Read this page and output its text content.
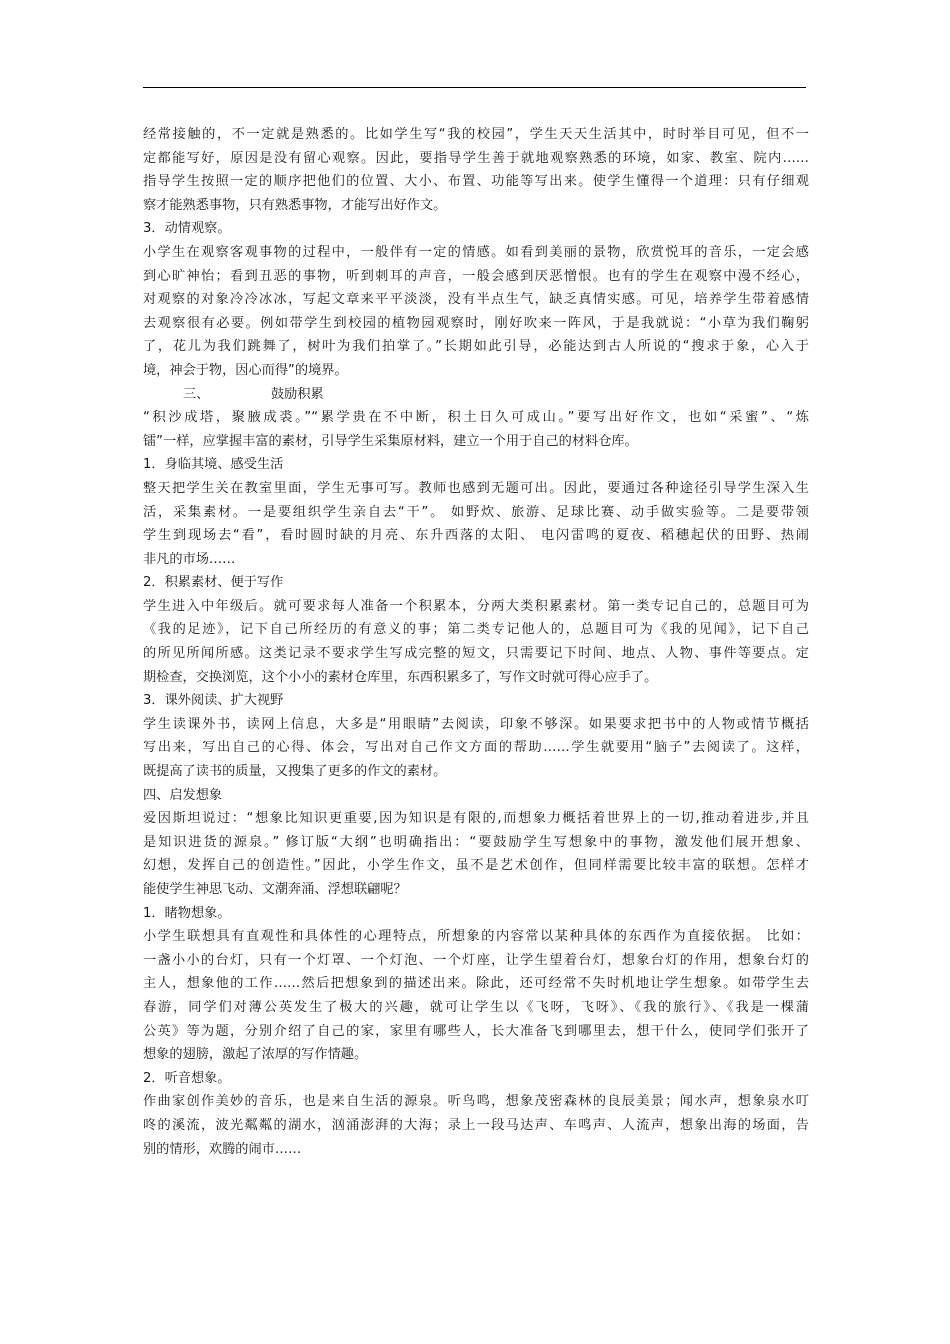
经常接触的，不一定就是熟悉的。比如学生写“我的校园”，学生天天生活其中，时时举目可见，但不一
定都能写好，原因是没有留心观察。因此，要指导学生善于就地观察熟悉的环境，如家、教室、院内……
指导学生按照一定的顺序把他们的位置、大小、布置、功能等写出来。使学生懂得一个道理：只有仔细观
察才能熟悉事物，只有熟悉事物，才能写出好作文。
3．动情观察。
小学生在观察客观事物的过程中，一般伴有一定的情感。如看到美丽的景物，欣赏悦耳的音乐，一定会感
到心旷神怡；看到丑恶的事物，听到刺耳的声音，一般会感到厌恶憎恨。也有的学生在观察中漫不经心，
对观察的对象冷冷冰冰，写起文章来平平淡淡，没有半点生气，缺乏真情实感。可见，培养学生带着感情
去观察很有必要。例如带学生到校园的植物园观察时，刚好吹来一阵风，于是我就说：“小草为我们鞠躬
了，花儿为我们跳舞了，树叶为我们拍掌了。”长期如此引导，必能达到古人所说的“搜求于象，心入于
境，神会于物，因心而得”的境界。
三、	鼓励积累
“积沙成塔，聚腋成裘。”“累学贵在不中断，积土日久可成山。”要写出好作文，也如“采蜜”、“炼
镭”一样，应掌握丰富的素材，引导学生采集原材料，建立一个用于自己的材料仓库。
1．身临其境、感受生活
整天把学生关在教室里面，学生无事可写。教师也感到无题可出。因此，要通过各种途径引导学生深入生
活，采集素材。一是要组织学生亲自去“干”。 如野炊、旅游、足球比赛、动手做实验等。二是要带领
学生到现场去“看”，看时圆时缺的月亮、东升西落的太阳、 电闪雷鸣的夏夜、稻穗起伏的田野、热闹
非凡的市场……
2．积累素材、便于写作
学生进入中年级后。就可要求每人准备一个积累本，分两大类积累素材。第一类专记自己的，总题目可为
《我的足迹》，记下自己所经历的有意义的事；第二类专记他人的，总题目可为《我的见闻》，记下自己
的所见所闻所感。这类记录不要求学生写成完整的短文，只需要记下时间、地点、人物、事件等要点。定
期检查，交换浏览，这个小小的素材仓库里，东西积累多了，写作文时就可得心应手了。
3．课外阅读、扩大视野
学生读课外书，读网上信息，大多是“用眼睛”去阅读，印象不够深。如果要求把书中的人物或情节概括
写出来，写出自己的心得、体会，写出对自己作文方面的帮助……学生就要用“脑子”去阅读了。这样，
既提高了读书的质量，又搜集了更多的作文的素材。
四、启发想象
爱因斯坦说过：“想象比知识更重要,因为知识是有限的,而想象力概括着世界上的一切,推动着进步,并且
是知识进货的源泉。” 修订版“大纲”也明确指出：“要鼓励学生写想象中的事物，激发他们展开想象、
幻想，发挥自己的创造性。”因此，小学生作文，虽不是艺术创作，但同样需要比较丰富的联想。怎样才
能使学生神思飞动、文潮奔涌、浮想联翩呢？
1．睹物想象。
小学生联想具有直观性和具体性的心理特点，所想象的内容常以某种具体的东西作为直接依据。 比如：
一盏小小的台灯，只有一个灯罩、一个灯泡、一个灯座，让学生望着台灯，想象台灯的作用，想象台灯的
主人，想象他的工作……然后把想象到的描述出来。除此，还可经常不失时机地让学生想象。如带学生去
春游，同学们对薄公英发生了极大的兴趣，就可让学生以《飞呀，飞呀》、《我的旅行》、《我是一棵蒲
公英》等为题，分别介绍了自己的家，家里有哪些人，长大准备飞到哪里去，想干什么，使同学们张开了
想象的翅膀，激起了浓厚的写作情趣。
2．听音想象。
作曲家创作美妙的音乐，也是来自生活的源泉。听鸟鸣，想象茂密森林的良辰美景；闻水声，想象泉水叮
咚的溪流，波光粼粼的湖水，汹涌澎湃的大海；录上一段马达声、车鸣声、人流声，想象出海的场面，告
别的情形，欢腾的闹市……
